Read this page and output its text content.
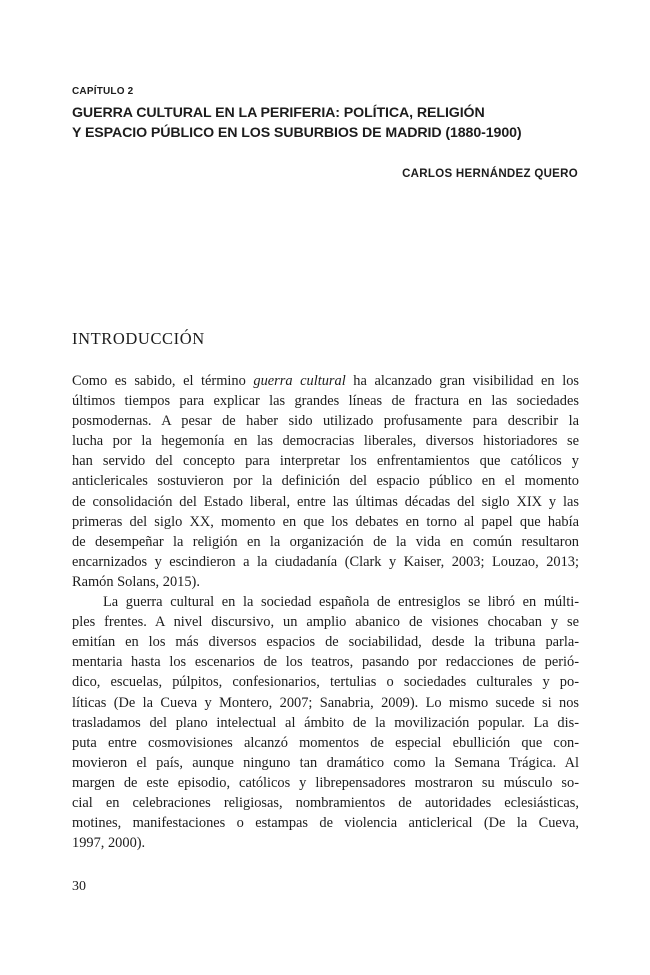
CAPÍTULO 2
GUERRA CULTURAL EN LA PERIFERIA: POLÍTICA, RELIGIÓN
Y ESPACIO PÚBLICO EN LOS SUBURBIOS DE MADRID (1880-1900)
CARLOS HERNÁNDEZ QUERO
INTRODUCCIÓN

Como es sabido, el término guerra cultural ha alcanzado gran visibilidad en los
últimos tiempos para explicar las grandes líneas de fractura en las sociedades
posmodernas. A pesar de haber sido utilizado profusamente para describir la
lucha por la hegemonía en las democracias liberales, diversos historiadores se
han servido del concepto para interpretar los enfrentamientos que católicos y
anticlericales sostuvieron por la definición del espacio público en el momento
de consolidación del Estado liberal, entre las últimas décadas del siglo XIX y las
primeras del siglo XX, momento en que los debates en torno al papel que había
de desempeñar la religión en la organización de la vida en común resultaron
encarnizados y escindieron a la ciudadanía (Clark y Kaiser, 2003; Louzao, 2013;
Ramón Solans, 2015).

La guerra cultural en la sociedad española de entresiglos se libró en múlti-
ples frentes. A nivel discursivo, un amplio abanico de visiones chocaban y se
emitían en los más diversos espacios de sociabilidad, desde la tribuna parla-
mentaria hasta los escenarios de los teatros, pasando por redacciones de perió-
dico, escuelas, púlpitos, confesionarios, tertulias o sociedades culturales y po-
líticas (De la Cueva y Montero, 2007; Sanabria, 2009). Lo mismo sucede si nos
trasladamos del plano intelectual al ámbito de la movilización popular. La dis-
puta entre cosmovisiones alcanzó momentos de especial ebullición que con-
movieron el país, aunque ninguno tan dramático como la Semana Trágica. Al
margen de este episodio, católicos y librepensadores mostraron su músculo so-
cial en celebraciones religiosas, nombramientos de autoridades eclesiásticas,
motines, manifestaciones o estampas de violencia anticlerical (De la Cueva,
1997, 2000).

30
